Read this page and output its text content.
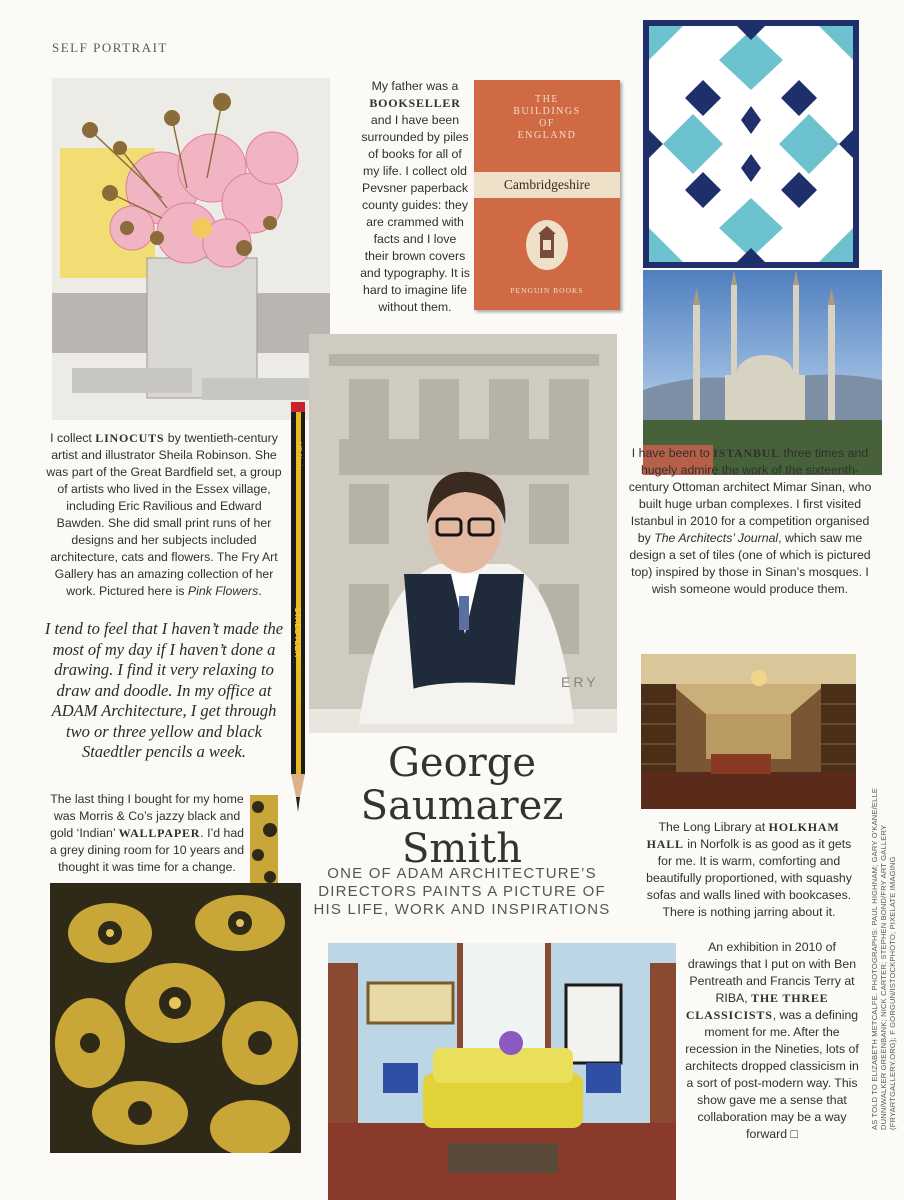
SELF PORTRAIT
My father was a BOOKSELLER and I have been surrounded by piles of books for all of my life. I collect old Pevsner paperback county guides: they are crammed with facts and I love their brown covers and typography. It is hard to imagine life without them.
THE
BUILDINGS
OF
ENGLAND
Cambridgeshire
PENGUIN BOOKS
ERY
STAEDTLER
HB Noris
MADE IN GERMANY
I collect LINOCUTS by twentieth-century artist and illustrator Sheila Robinson. She was part of the Great Bardfield set, a group of artists who lived in the Essex village, including Eric Ravilious and Edward Bawden. She did small print runs of her designs and her subjects included architecture, cats and flowers. The Fry Art Gallery has an amazing collection of her work. Pictured here is Pink Flowers.
I tend to feel that I haven’t made the most of my day if I haven’t done a drawing. I find it very relaxing to draw and doodle. In my office at ADAM Architecture, I get through two or three yellow and black Staedtler pencils a week.
I have been to ISTANBUL three times and hugely admire the work of the sixteenth-century Ottoman architect Mimar Sinan, who built huge urban complexes. I first visited Istanbul in 2010 for a competition organised by The Architects’ Journal, which saw me design a set of tiles (one of which is pictured top) inspired by those in Sinan’s mosques. I wish someone would produce them.
The last thing I bought for my home was Morris & Co’s jazzy black and gold ‘Indian’ WALLPAPER. I’d had a grey dining room for 10 years and thought it was time for a change.
George
Saumarez
Smith
ONE OF ADAM ARCHITECTURE’S DIRECTORS PAINTS A PICTURE OF HIS LIFE, WORK AND INSPIRATIONS
The Long Library at HOLKHAM HALL in Norfolk is as good as it gets for me. It is warm, comforting and beautifully proportioned, with squashy sofas and walls lined with bookcases. There is nothing jarring about it.
An exhibition in 2010 of drawings that I put on with Ben Pentreath and Francis Terry at RIBA, THE THREE CLASSICISTS, was a defining moment for me. After the recession in the Nineties, lots of architects dropped classicism in a sort of post-modern way. This show gave me a sense that collaboration may be a way forward □
AS TOLD TO ELIZABETH METCALFE. PHOTOGRAPHS: PAUL HIGHNAM; GARY O'KANE/ELLE DUNN/WALKER GREENBANK; NICK CARTER; STEPHEN BOND/FRY ART GALLERY (FRYARTGALLERY.ORG); F GORGUN/ISTOCKPHOTO; PIXELATE IMAGING
